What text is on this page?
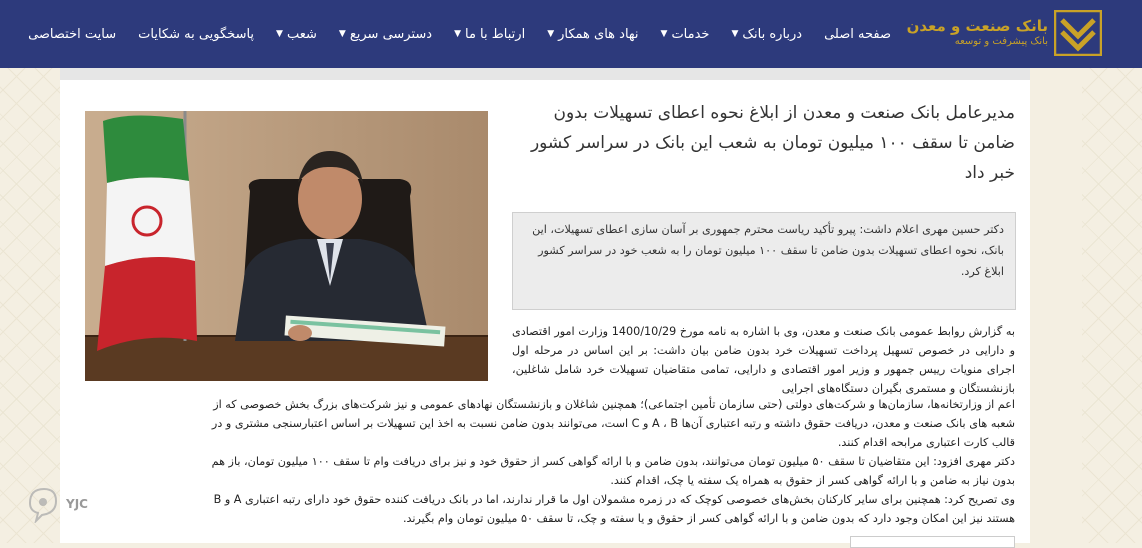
بانک صنعت و معدن
بانک پیشرفت و توسعه
صفحه اصلی
درباره بانک
▼
خدمات
▼
نهاد های همکار
▼
ارتباط با ما
▼
دسترسی سریع
▼
شعب
▼
پاسخگویی به شکایات
سایت اختصاصی
مدیرعامل بانک صنعت و معدن از ابلاغ نحوه اعطای تسهیلات بدون ضامن تا سقف ۱۰۰ میلیون تومان به شعب این بانک در سراسر کشور خبر داد
دکتر حسین مهری اعلام داشت: پیرو تأکید ریاست محترم جمهوری بر آسان سازی اعطای تسهیلات، این بانک، نحوه اعطای تسهیلات بدون ضامن تا سقف ۱۰۰ میلیون تومان را به شعب خود در سراسر کشور ابلاغ کرد.

به گزارش روابط عمومی بانک صنعت و معدن، وی با اشاره به نامه مورخ 1400/10/29 وزارت امور اقتصادی و دارایی در خصوص تسهیل پرداخت تسهیلات خرد بدون ضامن بیان داشت: بر این اساس در مرحله اول اجرای منویات رییس جمهور و وزیر امور اقتصادی و دارایی، تمامی متقاضیان تسهیلات خرد شامل شاغلین، بازنشستگان و مستمری بگیران دستگاه‌های اجرایی

اعم از وزارتخانه‌ها، سازمان‌ها و شرکت‌های دولتی (حتی سازمان تأمین اجتماعی)؛ همچنین شاغلان و بازنشستگان نهادهای عمومی و نیز شرکت‌های بزرگ بخش خصوصی که از
شعبه های بانک صنعت و معدن، دریافت حقوق داشته و رتبه اعتباری آن‌ها A ، B و C است، می‌توانند بدون ضامن نسبت به اخذ این تسهیلات بر اساس اعتبارسنجی مشتری و در
قالب کارت اعتباری مرابحه اقدام کنند.
دکتر مهری افزود: این متقاضیان تا سقف ۵۰ میلیون تومان می‌توانند، بدون ضامن و با ارائه گواهی کسر از حقوق خود و نیز برای دریافت وام تا سقف ۱۰۰ میلیون تومان، باز هم
بدون نیاز به ضامن و با ارائه گواهی کسر از حقوق به همراه یک سفته یا چک، اقدام کنند.
وی تصریح کرد: همچنین برای سایر کارکنان بخش‌های خصوصی کوچک که در زمره مشمولان اول ما قرار ندارند، اما در بانک دریافت کننده حقوق خود دارای رتبه اعتباری A و B
هستند نیز این امکان وجود دارد که بدون ضامن و با ارائه گواهی کسر از حقوق و یا سفته و چک، تا سقف ۵۰ میلیون تومان وام بگیرند.
YJC
